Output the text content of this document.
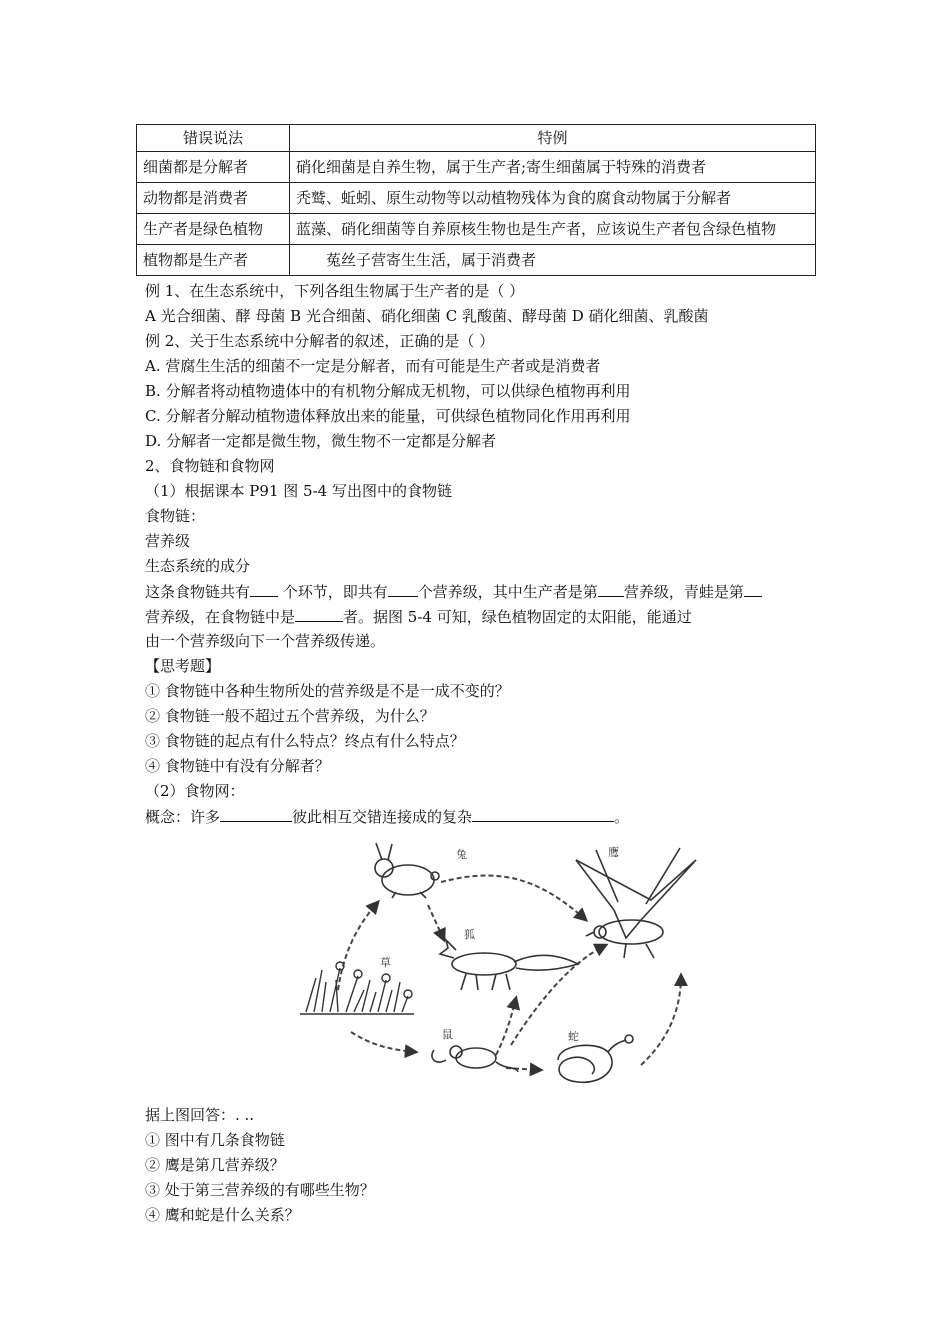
错误说法	特例
细菌都是分解者	硝化细菌是自养生物，属于生产者;寄生细菌属于特殊的消费者
动物都是消费者	秃鹫、蚯蚓、原生动物等以动植物残体为食的腐食动物属于分解者
生产者是绿色植物	蓝藻、硝化细菌等自养原核生物也是生产者，应该说生产者包含绿色植物
植物都是生产者	菟丝子营寄生生活，属于消费者
例 1、在生态系统中，下列各组生物属于生产者的是（ ）
A 光合细菌、酵 母菌 B 光合细菌、硝化细菌 C 乳酸菌、酵母菌 D 硝化细菌、乳酸菌
例 2、关于生态系统中分解者的叙述，正确的是（ ）
A. 营腐生生活的细菌不一定是分解者，而有可能是生产者或是消费者
B. 分解者将动植物遗体中的有机物分解成无机物，可以供绿色植物再利用
C. 分解者分解动植物遗体释放出来的能量，可供绿色植物同化作用再利用
D. 分解者一定都是微生物，微生物不一定都是分解者
2、食物链和食物网
（1）根据课本 P91 图 5-4 写出图中的食物链
食物链：
营养级
生态系统的成分
这条食物链共有 个环节，即共有 个营养级，其中生产者是第 营养级，青蛙是第
营养级，在食物链中是	者。据图 5-4 可知，绿色植物固定的太阳能，能通过
由一个营养级向下一个营养级传递。
【思考题】
① 食物链中各种生物所处的营养级是不是一成不变的？
② 食物链一般不超过五个营养级，为什么？
③ 食物链的起点有什么特点？终点有什么特点？
④ 食物链中有没有分解者？
（2）食物网：
概念：许多	彼此相互交错连接成的复杂	。
兔	鹰
狐
草
鼠	蛇
据上图回答：. ..
① 图中有几条食物链
② 鹰是第几营养级？
③ 处于第三营养级的有哪些生物？
④ 鹰和蛇是什么关系？
